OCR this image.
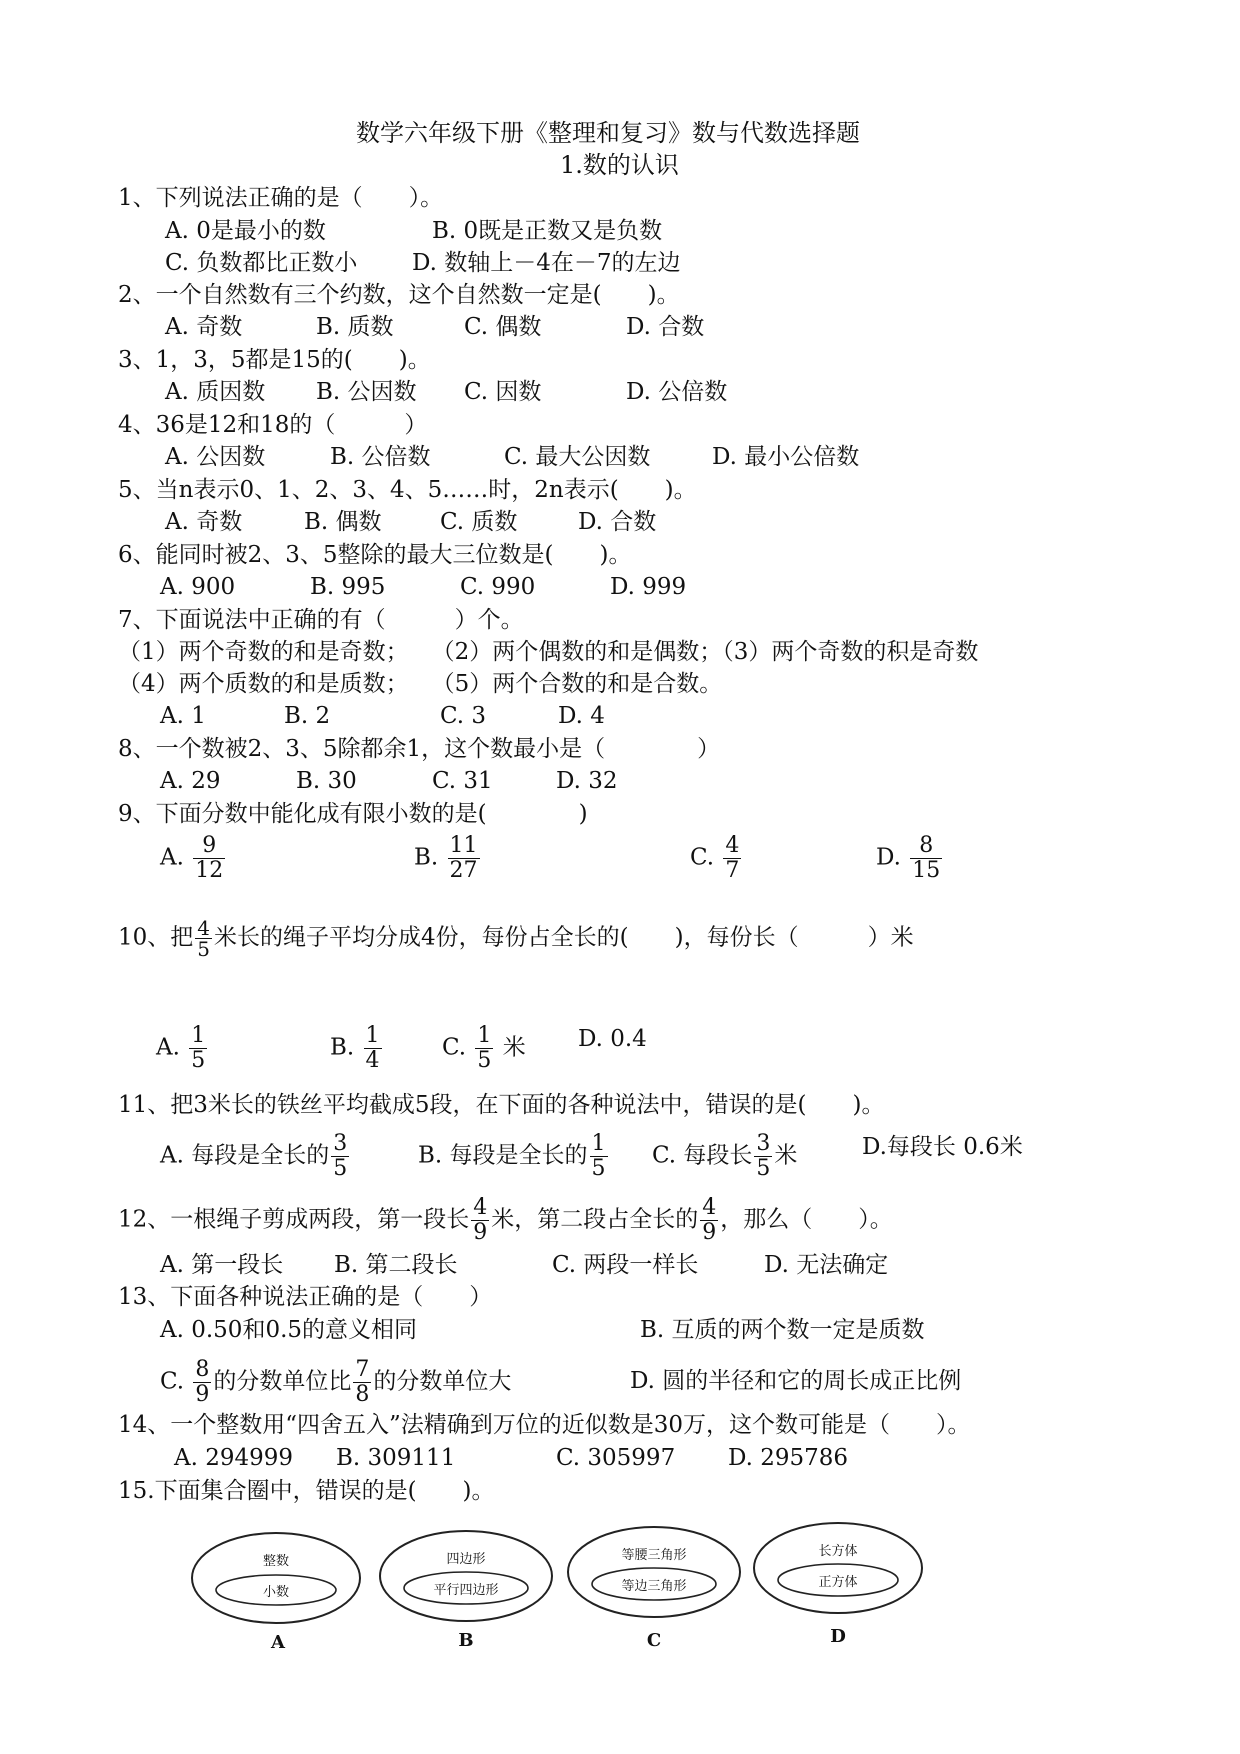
数学六年级下册《整理和复习》数与代数选择题
1.数的认识
1、下列说法正确的是（　　）。
A. 0是最小的数	B. 0既是正数又是负数
C. 负数都比正数小 D. 数轴上－4在－7的左边
2、一个自然数有三个约数，这个自然数一定是(　　)。
A. 奇数	B. 质数	C. 偶数	D. 合数
3、1，3，5都是15的(　　)。
A. 质因数 B. 公因数 C. 因数	D. 公倍数
4、36是12和18的（　　　）
A. 公因数	B. 公倍数	C. 最大公因数	D. 最小公倍数
5、当n表示0、1、2、3、4、5……时，2n表示(　　)。
A. 奇数	B. 偶数	C. 质数	D. 合数
6、能同时被2、3、5整除的最大三位数是(　　)。
A. 900	B. 995	C. 990	D. 999
7、下面说法中正确的有（　　　）个。
（1）两个奇数的和是奇数；　　（2）两个偶数的和是偶数；（3）两个奇数的积是奇数
（4）两个质数的和是质数；　　（5）两个合数的和是合数。
A. 1	B. 2	C. 3	D. 4
8、一个数被2、3、5除都余1，这个数最小是（　　　　）
A. 29	B. 30	C. 31	D. 32
9、下面分数中能化成有限小数的是(　　　　)
A. $\frac{9}{12}$	B. $\frac{11}{27}$	C. $\frac{4}{7}$	D. $\frac{8}{15}$
10、把 $\frac{4}{5}$ 米长的绳子平均分成4份，每份占全长的(　　)，每份长（　　　）米
A. $\frac{1}{5}$	B. $\frac{1}{4}$	C. $\frac{1}{5}$ 米 D. 0.4
11、把3米长的铁丝平均截成5段，在下面的各种说法中，错误的是(　　)。
A. 每段是全长的 $\frac{3}{5}$	B. 每段是全长的 $\frac{1}{5} C$. 每段长 $\frac{3}{5}$ 米	D.每段长 0.6米
12、一根绳子剪成两段，第一段长 $\frac{4}{9}$ 米，第二段占全长的 $\frac{4}{9}$ ，那么（　　）。
A. 第一段长 B. 第二段长	C. 两段一样长	D. 无法确定
13、下面各种说法正确的是（　　）
A. 0.50和0.5的意义相同	B. 互质的两个数一定是质数
C. $\frac{8}{9}$ 的分数单位比 $\frac{7}{8}$ 的分数单位大	D. 圆的半径和它的周长成正比例
14、一个整数用“四舍五入”法精确到万位的近似数是30万，这个数可能是（　　）。
A. 294999 B. 309111	C. 305997 D. 295786
15.下面集合圈中，错误的是(　　)。
整数
小数
A
四边形
平行四边形
B
等腰三角形
等边三角形
C
长方体
正方体
D
